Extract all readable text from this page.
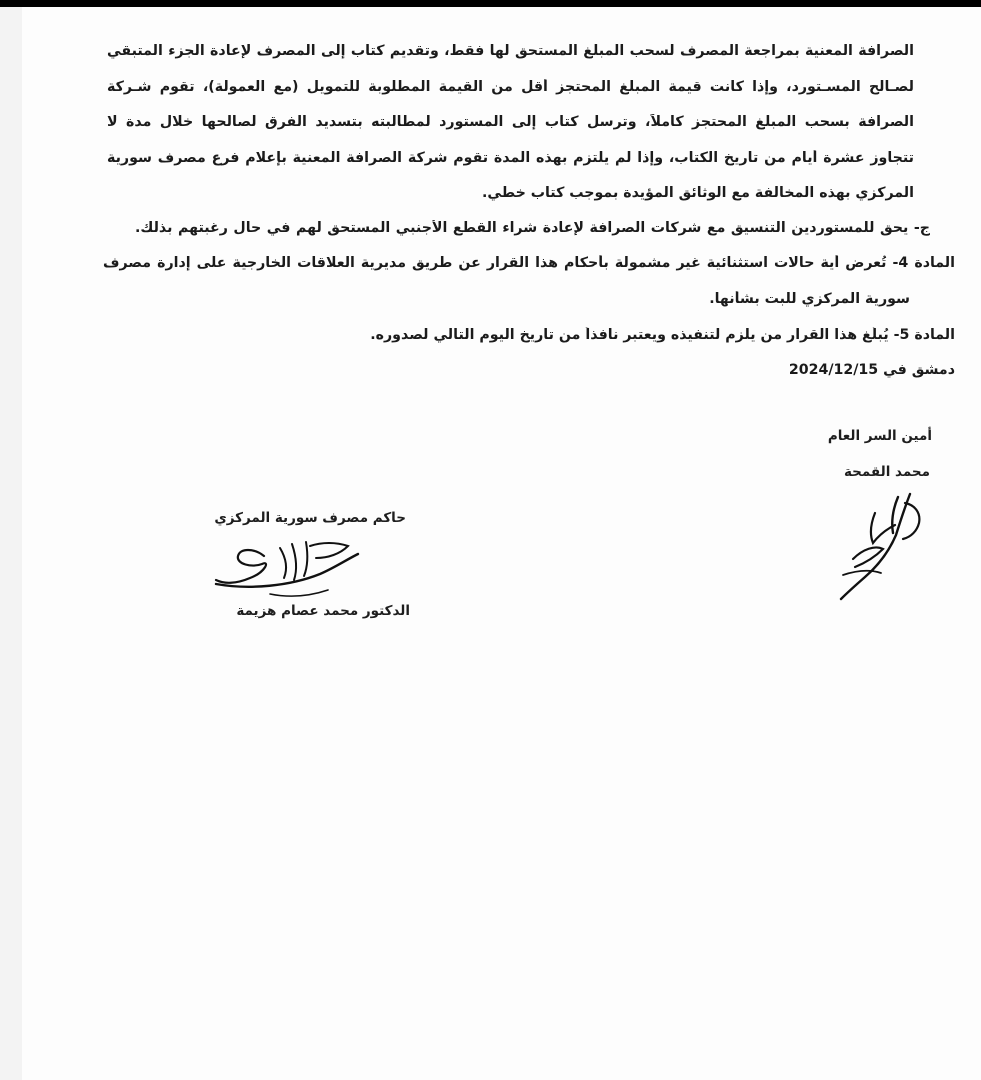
الصرافة المعنية بمراجعة المصرف لسحب المبلغ المستحق لها فقط، وتقديم كتاب إلى المصرف لإعادة الجزء المتبقي
لصـالح المسـتورد، وإذا كانت قيمة المبلغ المحتجز أقل من القيمة المطلوبة للتمويل (مع العمولة)، تقوم شـركة
الصرافة بسحب المبلغ المحتجز كاملاً، وترسل كتاب إلى المستورد لمطالبته بتسديد الفرق لصالحها خلال مدة لا
تتجاوز عشرة أيام من تاريخ الكتاب، وإذا لم يلتزم بهذه المدة تقوم شركة الصرافة المعنية بإعلام فرع مصرف سورية
المركزي بهذه المخالفة مع الوثائق المؤيدة بموجب كتاب خطي.
ج- يحق للمستوردين التنسيق مع شركات الصرافة لإعادة شراء القطع الأجنبي المستحق لهم في حال رغبتهم بذلك.
المادة 4- تُعرض أية حالات استثنائية غير مشمولة بأحكام هذا القرار عن طريق مديرية العلاقات الخارجية على إدارة مصرف
سورية المركزي للبت بشأنها.
المادة 5- يُبلّغ هذا القرار من يلزم لتنفيذه ويعتبر نافذاً من تاريخ اليوم التالي لصدوره.
دمشق في 2024/12/15
أمين السر العام
محمد القمحة
حاكم مصرف سورية المركزي
الدكتور محمد عصام هزيمة
